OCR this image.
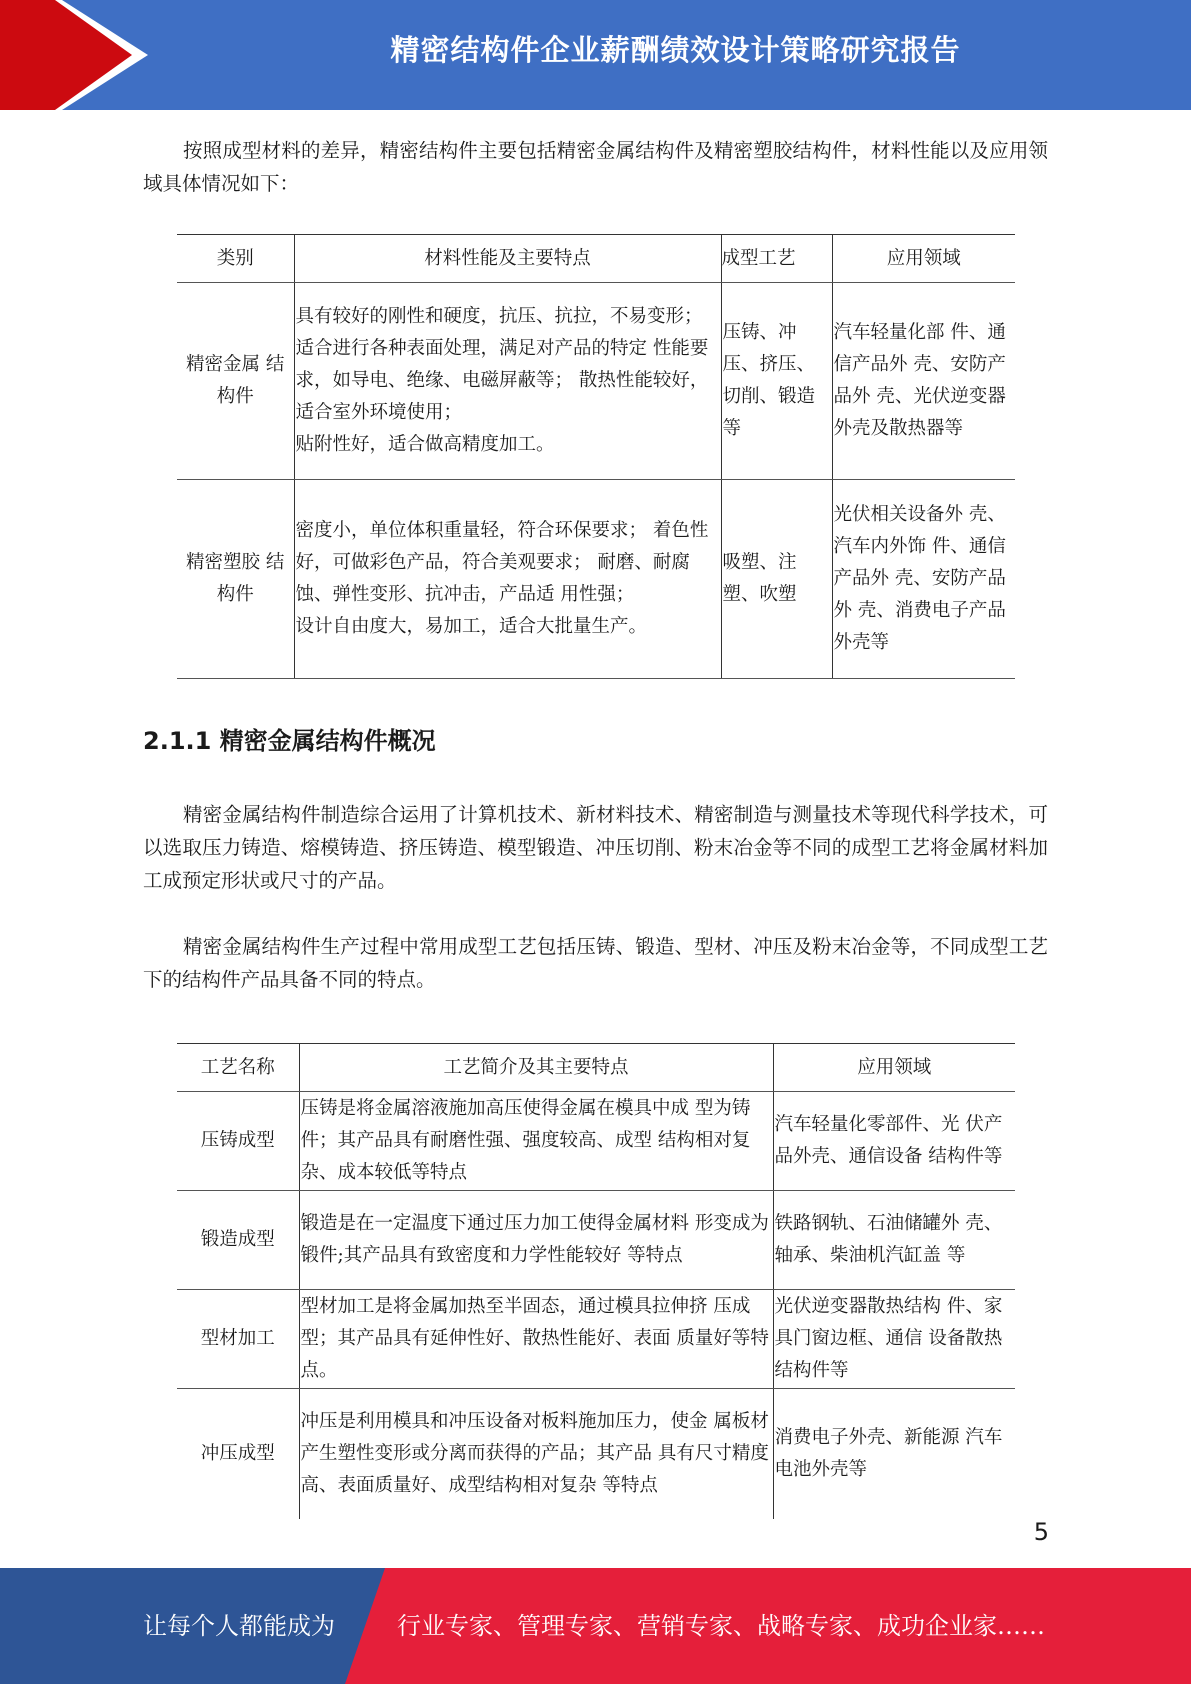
精密结构件企业薪酬绩效设计策略研究报告

按照成型材料的差异，精密结构件主要包括精密金属结构件及精密塑胶结构件，材料性能以及应用领域具体情况如下：

类别	材料性能及主要特点	成型工艺	应用领域
精密金属 结构件	具有较好的刚性和硬度，抗压、抗拉，不易变形；
适合进行各种表面处理，满足对产品的特定 性能要求，如导电、绝缘、电磁屏蔽等； 散热性能较好，适合室外环境使用；
贴附性好，适合做高精度加工。	压铸、冲压、挤压、切削、锻造等	汽车轻量化部 件、通信产品外 壳、安防产品外 壳、光伏逆变器外壳及散热器等
精密塑胶 结构件	密度小，单位体积重量轻，符合环保要求； 着色性好，可做彩色产品，符合美观要求； 耐磨、耐腐蚀、弹性变形、抗冲击，产品适 用性强；
设计自由度大，易加工，适合大批量生产。	吸塑、注塑、吹塑	光伏相关设备外 壳、汽车内外饰 件、通信产品外 壳、安防产品外 壳、消费电子产品外壳等
2.1.1 精密金属结构件概况

精密金属结构件制造综合运用了计算机技术、新材料技术、精密制造与测量技术等现代科学技术，可以选取压力铸造、熔模铸造、挤压铸造、模型锻造、冲压切削、粉末冶金等不同的成型工艺将金属材料加工成预定形状或尺寸的产品。

精密金属结构件生产过程中常用成型工艺包括压铸、锻造、型材、冲压及粉末冶金等，不同成型工艺下的结构件产品具备不同的特点。

工艺名称	工艺简介及其主要特点	应用领域
压铸成型	压铸是将金属溶液施加高压使得金属在模具中成 型为铸件；其产品具有耐磨性强、强度较高、成型 结构相对复杂、成本较低等特点	汽车轻量化零部件、光 伏产品外壳、通信设备 结构件等
锻造成型	锻造是在一定温度下通过压力加工使得金属材料 形变成为锻件;其产品具有致密度和力学性能较好 等特点	铁路钢轨、石油储罐外 壳、轴承、柴油机汽缸盖 等
型材加工	型材加工是将金属加热至半固态，通过模具拉伸挤 压成型；其产品具有延伸性好、散热性能好、表面 质量好等特点。	光伏逆变器散热结构 件、家具门窗边框、通信 设备散热结构件等
冲压成型	冲压是利用模具和冲压设备对板料施加压力，使金 属板材产生塑性变形或分离而获得的产品；其产品 具有尺寸精度高、表面质量好、成型结构相对复杂 等特点	消费电子外壳、新能源 汽车电池外壳等
5
让每个人都能成为	行业专家、管理专家、营销专家、战略专家、成功企业家……
